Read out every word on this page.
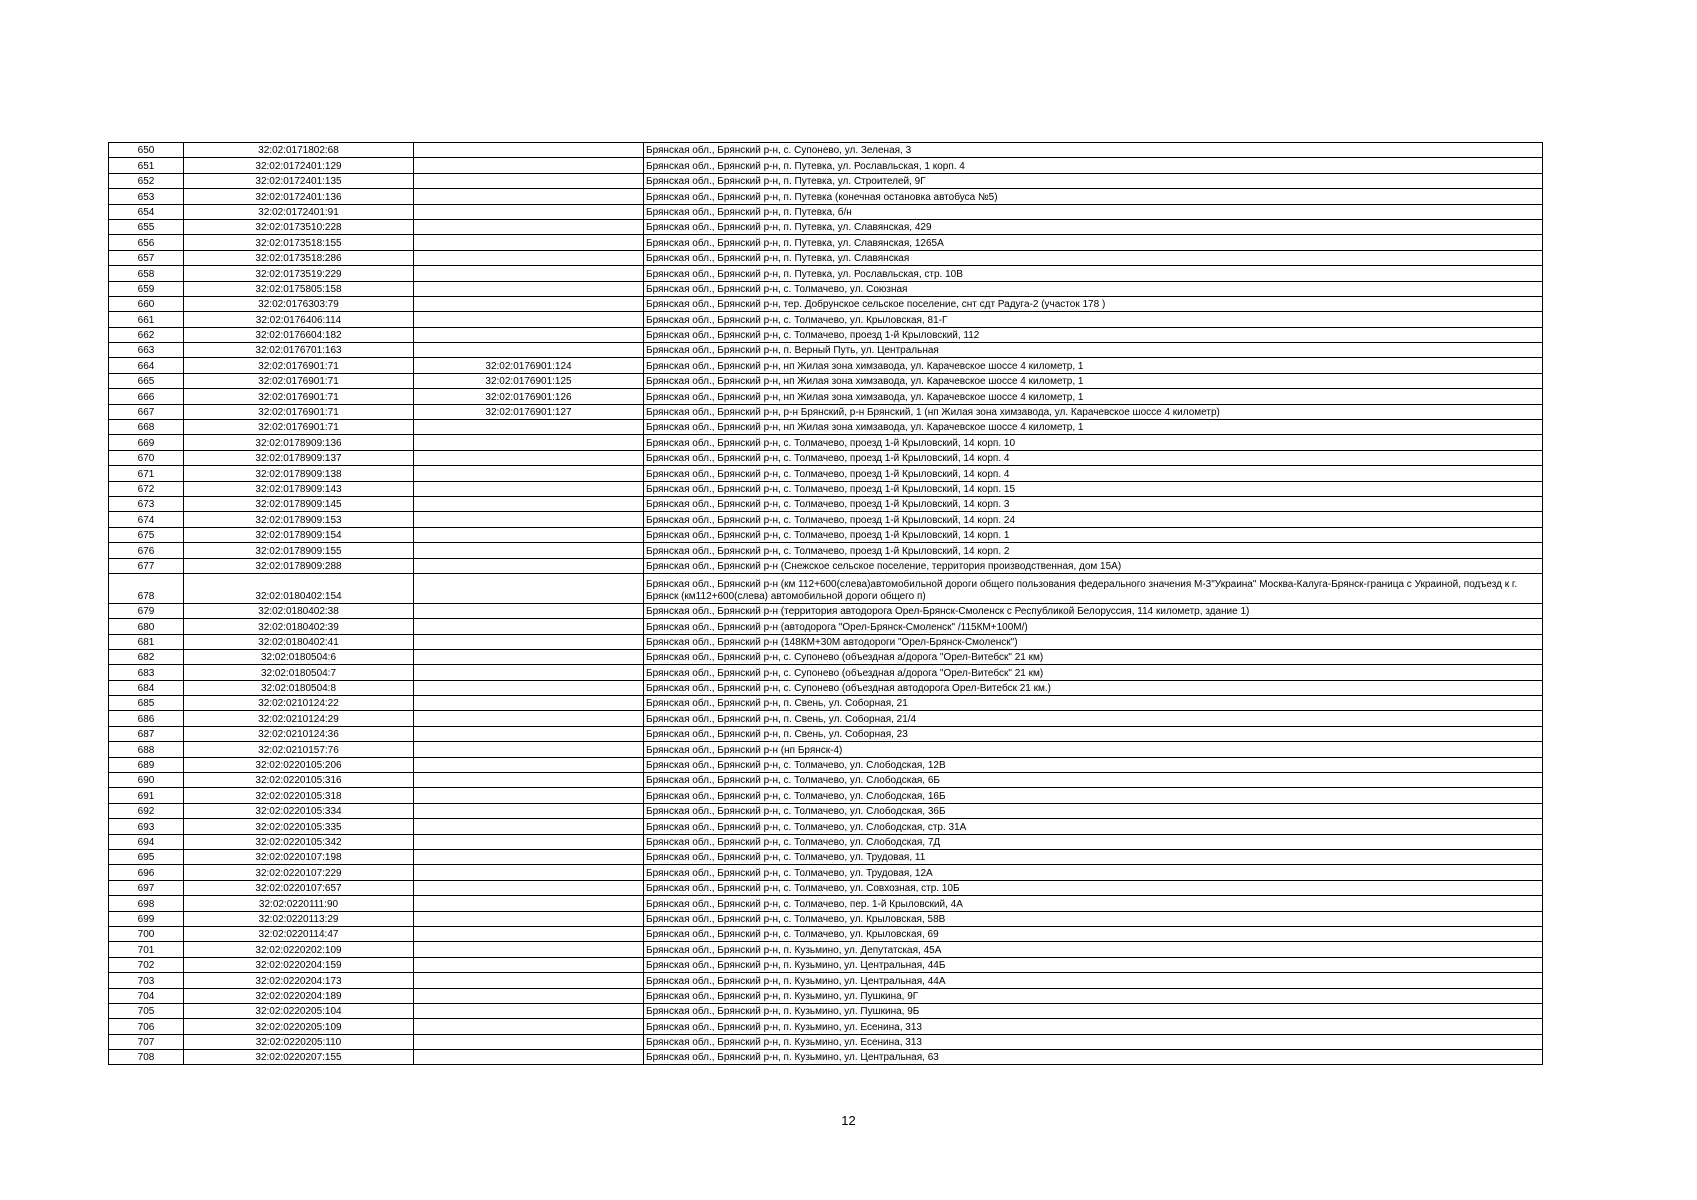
650	32:02:0171802:68		Брянская обл., Брянский р-н, с. Супонево, ул. Зеленая, 3
651	32:02:0172401:129		Брянская обл., Брянский р-н, п. Путевка, ул. Рославльская, 1 корп. 4
652	32:02:0172401:135		Брянская обл., Брянский р-н, п. Путевка, ул. Строителей, 9Г
653	32:02:0172401:136		Брянская обл., Брянский р-н, п. Путевка (конечная остановка автобуса №5)
654	32:02:0172401:91		Брянская обл., Брянский р-н, п. Путевка, б/н
655	32:02:0173510:228		Брянская обл., Брянский р-н, п. Путевка, ул. Славянская, 429
656	32:02:0173518:155		Брянская обл., Брянский р-н, п. Путевка, ул. Славянская, 1265А
657	32:02:0173518:286		Брянская обл., Брянский р-н, п. Путевка, ул. Славянская
658	32:02:0173519:229		Брянская обл., Брянский р-н, п. Путевка, ул. Рославльская, стр. 10В
659	32:02:0175805:158		Брянская обл., Брянский р-н, с. Толмачево, ул. Союзная
660	32:02:0176303:79		Брянская обл., Брянский р-н, тер. Добрунское сельское поселение, снт сдт Радуга-2 (участок 178 )
661	32:02:0176406:114		Брянская обл., Брянский р-н, с. Толмачево, ул. Крыловская, 81-Г
662	32:02:0176604:182		Брянская обл., Брянский р-н, с. Толмачево, проезд 1-й Крыловский, 112
663	32:02:0176701:163		Брянская обл., Брянский р-н, п. Верный Путь, ул. Центральная
664	32:02:0176901:71	32:02:0176901:124	Брянская обл., Брянский р-н, нп Жилая зона химзавода, ул. Карачевское шоссе 4 километр, 1
665	32:02:0176901:71	32:02:0176901:125	Брянская обл., Брянский р-н, нп Жилая зона химзавода, ул. Карачевское шоссе 4 километр, 1
666	32:02:0176901:71	32:02:0176901:126	Брянская обл., Брянский р-н, нп Жилая зона химзавода, ул. Карачевское шоссе 4 километр, 1
667	32:02:0176901:71	32:02:0176901:127	Брянская обл., Брянский р-н, р-н Брянский, р-н Брянский, 1 (нп Жилая зона химзавода, ул. Карачевское шоссе 4 километр)
668	32:02:0176901:71		Брянская обл., Брянский р-н, нп Жилая зона химзавода, ул. Карачевское шоссе 4 километр, 1
669	32:02:0178909:136		Брянская обл., Брянский р-н, с. Толмачево, проезд 1-й Крыловский, 14 корп. 10
670	32:02:0178909:137		Брянская обл., Брянский р-н, с. Толмачево, проезд 1-й Крыловский, 14 корп. 4
671	32:02:0178909:138		Брянская обл., Брянский р-н, с. Толмачево, проезд 1-й Крыловский, 14 корп. 4
672	32:02:0178909:143		Брянская обл., Брянский р-н, с. Толмачево, проезд 1-й Крыловский, 14 корп. 15
673	32:02:0178909:145		Брянская обл., Брянский р-н, с. Толмачево, проезд 1-й Крыловский, 14 корп. 3
674	32:02:0178909:153		Брянская обл., Брянский р-н, с. Толмачево, проезд 1-й Крыловский, 14 корп. 24
675	32:02:0178909:154		Брянская обл., Брянский р-н, с. Толмачево, проезд 1-й Крыловский, 14 корп. 1
676	32:02:0178909:155		Брянская обл., Брянский р-н, с. Толмачево, проезд 1-й Крыловский, 14 корп. 2
677	32:02:0178909:288		Брянская обл., Брянский р-н (Снежское сельское поселение, территория производственная, дом 15А)
678	32:02:0180402:154		Брянская обл., Брянский р-н (км 112+600(слева)автомобильной дороги общего пользования федерального значения М-3"Украина" Москва-Калуга-Брянск-граница с Украиной, подъезд к г. Брянск (км112+600(слева) автомобильной дороги общего п)
679	32:02:0180402:38		Брянская обл., Брянский р-н (территория автодорога Орел-Брянск-Смоленск с Республикой Белоруссия, 114 километр, здание 1)
680	32:02:0180402:39		Брянская обл., Брянский р-н (автодорога "Орел-Брянск-Смоленск" /115КМ+100М/)
681	32:02:0180402:41		Брянская обл., Брянский р-н (148КМ+30М автодороги "Орел-Брянск-Смоленск")
682	32:02:0180504:6		Брянская обл., Брянский р-н, с. Супонево (объездная а/дорога "Орел-Витебск" 21 км)
683	32:02:0180504:7		Брянская обл., Брянский р-н, с. Супонево (объездная а/дорога "Орел-Витебск" 21 км)
684	32:02:0180504:8		Брянская обл., Брянский р-н, с. Супонево (объездная автодорога Орел-Витебск 21 км.)
685	32:02:0210124:22		Брянская обл., Брянский р-н, п. Свень, ул. Соборная, 21
686	32:02:0210124:29		Брянская обл., Брянский р-н, п. Свень, ул. Соборная, 21/4
687	32:02:0210124:36		Брянская обл., Брянский р-н, п. Свень, ул. Соборная, 23
688	32:02:0210157:76		Брянская обл., Брянский р-н (нп Брянск-4)
689	32:02:0220105:206		Брянская обл., Брянский р-н, с. Толмачево, ул. Слободская, 12В
690	32:02:0220105:316		Брянская обл., Брянский р-н, с. Толмачево, ул. Слободская, 6Б
691	32:02:0220105:318		Брянская обл., Брянский р-н, с. Толмачево, ул. Слободская, 16Б
692	32:02:0220105:334		Брянская обл., Брянский р-н, с. Толмачево, ул. Слободская, 36Б
693	32:02:0220105:335		Брянская обл., Брянский р-н, с. Толмачево, ул. Слободская, стр. 31А
694	32:02:0220105:342		Брянская обл., Брянский р-н, с. Толмачево, ул. Слободская, 7Д
695	32:02:0220107:198		Брянская обл., Брянский р-н, с. Толмачево, ул. Трудовая, 11
696	32:02:0220107:229		Брянская обл., Брянский р-н, с. Толмачево, ул. Трудовая, 12А
697	32:02:0220107:657		Брянская обл., Брянский р-н, с. Толмачево, ул. Совхозная, стр. 10Б
698	32:02:0220111:90		Брянская обл., Брянский р-н, с. Толмачево, пер. 1-й Крыловский, 4А
699	32:02:0220113:29		Брянская обл., Брянский р-н, с. Толмачево, ул. Крыловская, 58В
700	32:02:0220114:47		Брянская обл., Брянский р-н, с. Толмачево, ул. Крыловская, 69
701	32:02:0220202:109		Брянская обл., Брянский р-н, п. Кузьмино, ул. Депутатская, 45А
702	32:02:0220204:159		Брянская обл., Брянский р-н, п. Кузьмино, ул. Центральная, 44Б
703	32:02:0220204:173		Брянская обл., Брянский р-н, п. Кузьмино, ул. Центральная, 44А
704	32:02:0220204:189		Брянская обл., Брянский р-н, п. Кузьмино, ул. Пушкина, 9Г
705	32:02:0220205:104		Брянская обл., Брянский р-н, п. Кузьмино, ул. Пушкина, 9Б
706	32:02:0220205:109		Брянская обл., Брянский р-н, п. Кузьмино, ул. Есенина, 313
707	32:02:0220205:110		Брянская обл., Брянский р-н, п. Кузьмино, ул. Есенина, 313
708	32:02:0220207:155		Брянская обл., Брянский р-н, п. Кузьмино, ул. Центральная, 63
12
